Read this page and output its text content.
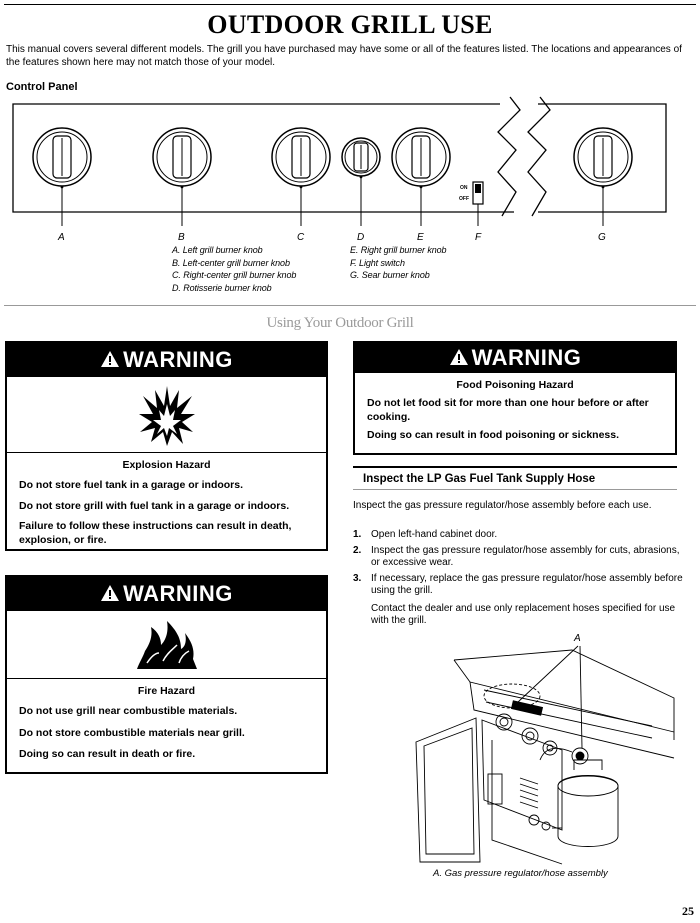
OUTDOOR GRILL USE
This manual covers several different models. The grill you have purchased may have some or all of the features listed. The locations and appearances of the features shown here may not match those of your model.
Control Panel
ON
OFF
A	B	C	D	E	F	G
A. Left grill burner knob
B. Left-center grill burner knob
C. Right-center grill burner knob
D. Rotisserie burner knob
E. Right grill burner knob
F. Light switch
G. Sear burner knob
Using Your Outdoor Grill
WARNING
Explosion Hazard
Do not store fuel tank in a garage or indoors.
Do not store grill with fuel tank in a garage or indoors.
Failure to follow these instructions can result in death, explosion, or fire.
WARNING
Fire Hazard
Do not use grill near combustible materials.
Do not store combustible materials near grill.
Doing so can result in death or fire.
WARNING
Food Poisoning Hazard
Do not let food sit for more than one hour before or after cooking.
Doing so can result in food poisoning or sickness.
Inspect the LP Gas Fuel Tank Supply Hose
Inspect the gas pressure regulator/hose assembly before each use.
1. Open left-hand cabinet door.
2. Inspect the gas pressure regulator/hose assembly for cuts, abrasions, or excessive wear.
3. If necessary, replace the gas pressure regulator/hose assembly before using the grill.
Contact the dealer and use only replacement hoses specified for use with the grill.
A
A. Gas pressure regulator/hose assembly
25
